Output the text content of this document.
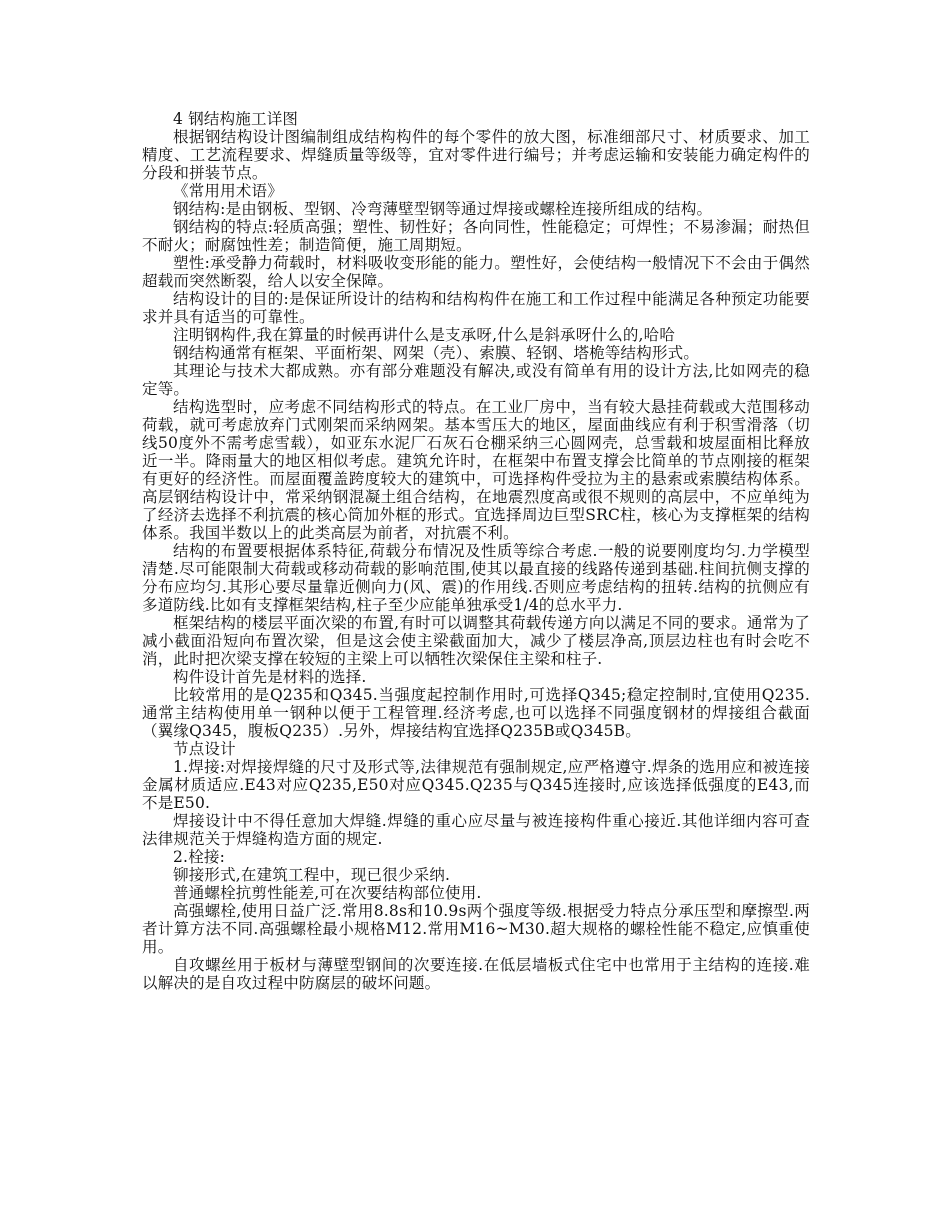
4 钢结构施工详图

根据钢结构设计图编制组成结构构件的每个零件的放大图，标准细部尺寸、材质要求、加工精度、工艺流程要求、焊缝质量等级等，宜对零件进行编号；并考虑运输和安装能力确定构件的分段和拼装节点。

《常用用术语》

钢结构:是由钢板、型钢、冷弯薄壁型钢等通过焊接或螺栓连接所组成的结构。

钢结构的特点:轻质高强；塑性、韧性好；各向同性，性能稳定；可焊性；不易渗漏；耐热但不耐火；耐腐蚀性差；制造简便，施工周期短。

塑性:承受静力荷载时，材料吸收变形能的能力。塑性好，会使结构一般情况下不会由于偶然超载而突然断裂，给人以安全保障。

结构设计的目的:是保证所设计的结构和结构构件在施工和工作过程中能满足各种预定功能要求并具有适当的可靠性。

注明钢构件,我在算量的时候再讲什么是支承呀,什么是斜承呀什么的,哈哈

钢结构通常有框架、平面桁架、网架（壳）、索膜、轻钢、塔桅等结构形式。

其理论与技术大都成熟。亦有部分难题没有解决,或没有简单有用的设计方法,比如网壳的稳定等。

结构选型时，应考虑不同结构形式的特点。在工业厂房中，当有较大悬挂荷载或大范围移动荷载，就可考虑放弃门式刚架而采纳网架。基本雪压大的地区，屋面曲线应有利于积雪滑落（切线50度外不需考虑雪载），如亚东水泥厂石灰石仓棚采纳三心圆网壳，总雪载和坡屋面相比释放近一半。降雨量大的地区相似考虑。建筑允许时，在框架中布置支撑会比简单的节点刚接的框架有更好的经济性。而屋面覆盖跨度较大的建筑中，可选择构件受拉为主的悬索或索膜结构体系。高层钢结构设计中，常采纳钢混凝土组合结构，在地震烈度高或很不规则的高层中，不应单纯为了经济去选择不利抗震的核心筒加外框的形式。宜选择周边巨型SRC柱，核心为支撑框架的结构体系。我国半数以上的此类高层为前者，对抗震不利。

结构的布置要根据体系特征,荷载分布情况及性质等综合考虑.一般的说要刚度均匀.力学模型清楚.尽可能限制大荷载或移动荷载的影响范围,使其以最直接的线路传递到基础.柱间抗侧支撑的分布应均匀.其形心要尽量靠近侧向力(风、震)的作用线.否则应考虑结构的扭转.结构的抗侧应有多道防线.比如有支撑框架结构,柱子至少应能单独承受1/4的总水平力.

框架结构的楼层平面次梁的布置,有时可以调整其荷载传递方向以满足不同的要求。通常为了减小截面沿短向布置次梁，但是这会使主梁截面加大，减少了楼层净高,顶层边柱也有时会吃不消，此时把次梁支撑在较短的主梁上可以牺牲次梁保住主梁和柱子.

构件设计首先是材料的选择.

比较常用的是Q235和Q345.当强度起控制作用时,可选择Q345;稳定控制时,宜使用Q235.通常主结构使用单一钢种以便于工程管理.经济考虑,也可以选择不同强度钢材的焊接组合截面（翼缘Q345，腹板Q235）.另外，焊接结构宜选择Q235B或Q345B。

节点设计

1.焊接:对焊接焊缝的尺寸及形式等,法律规范有强制规定,应严格遵守.焊条的选用应和被连接金属材质适应.E43对应Q235,E50对应Q345.Q235与Q345连接时,应该选择低强度的E43,而不是E50.

焊接设计中不得任意加大焊缝.焊缝的重心应尽量与被连接构件重心接近.其他详细内容可查法律规范关于焊缝构造方面的规定.

2.栓接:

铆接形式,在建筑工程中，现已很少采纳.

普通螺栓抗剪性能差,可在次要结构部位使用.

高强螺栓,使用日益广泛.常用8.8s和10.9s两个强度等级.根据受力特点分承压型和摩擦型.两者计算方法不同.高强螺栓最小规格M12.常用M16~M30.超大规格的螺栓性能不稳定,应慎重使用。

自攻螺丝用于板材与薄壁型钢间的次要连接.在低层墙板式住宅中也常用于主结构的连接.难以解决的是自攻过程中防腐层的破坏问题。
